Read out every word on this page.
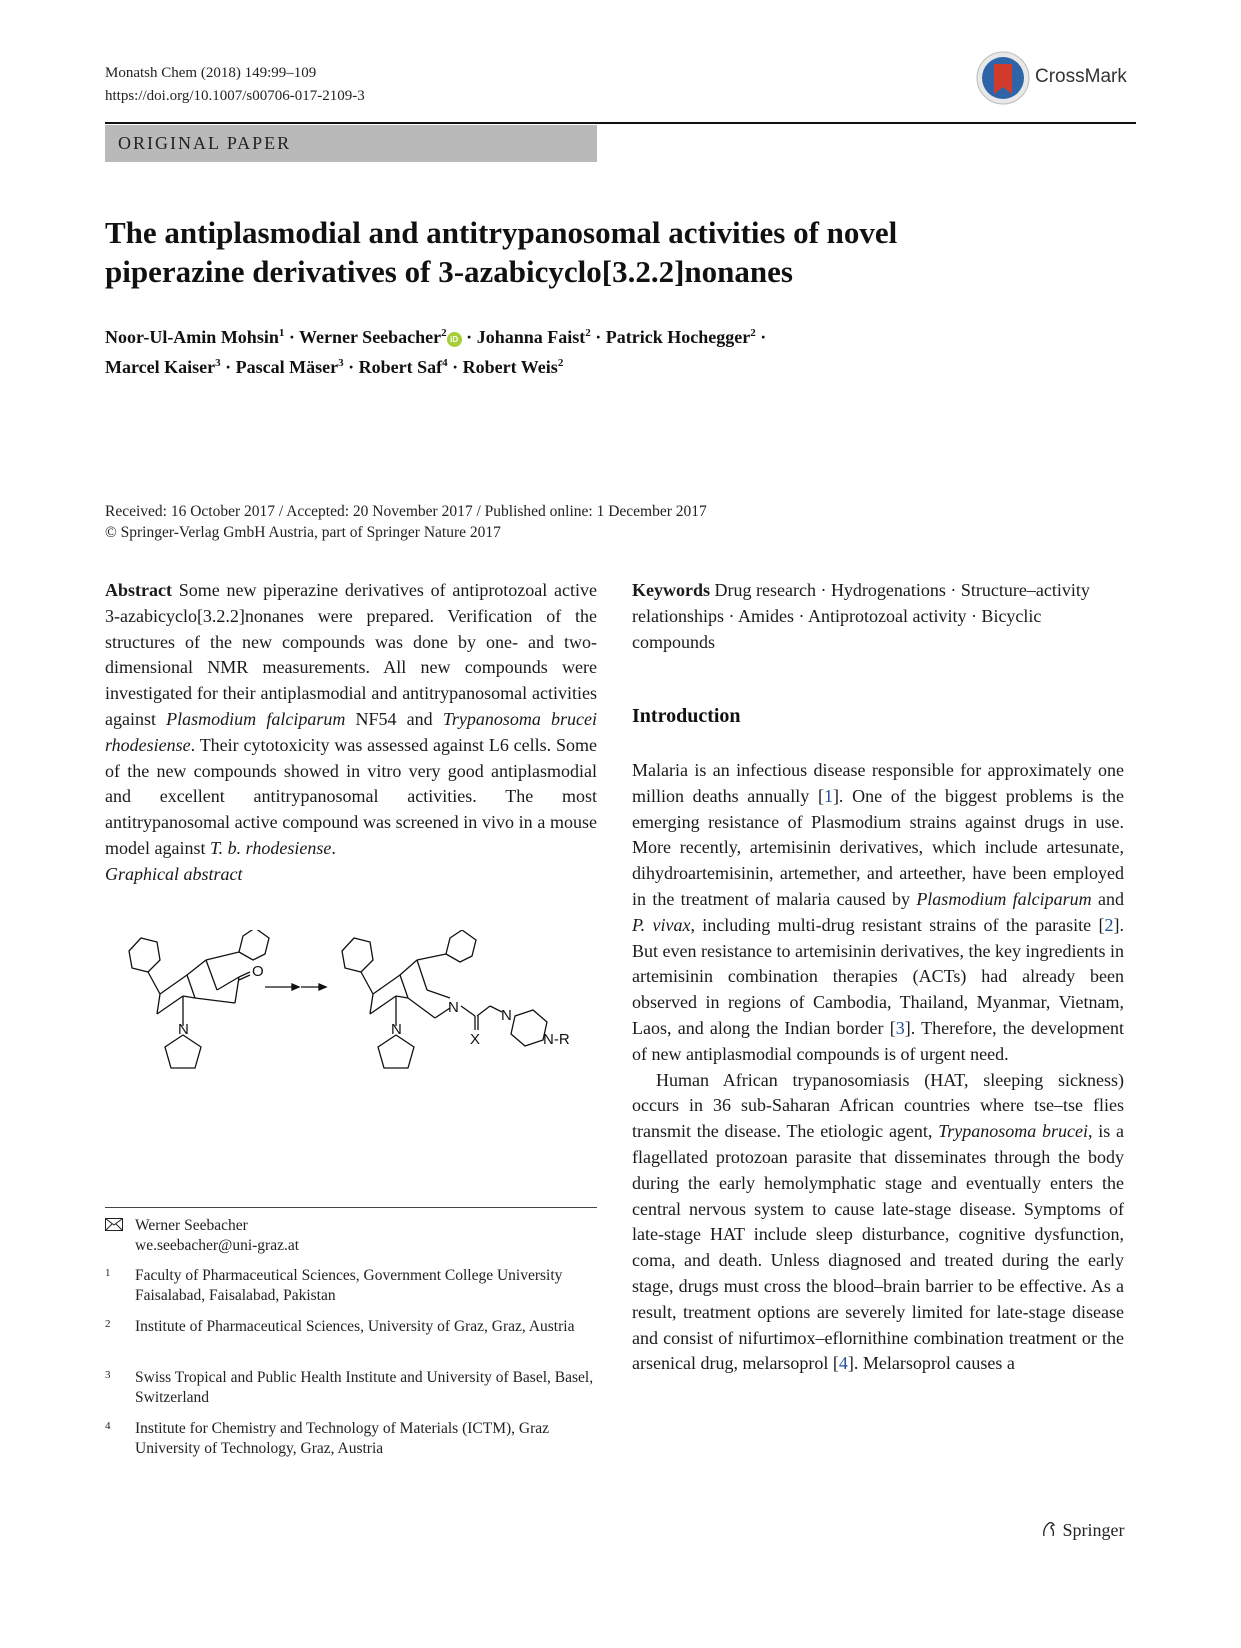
Monatsh Chem (2018) 149:99–109
https://doi.org/10.1007/s00706-017-2109-3
CrossMark
ORIGINAL PAPER
The antiplasmodial and antitrypanosomal activities of novel
piperazine derivatives of 3-azabicyclo[3.2.2]nonanes
Noor-Ul-Amin Mohsin$^1$ · Werner Seebacher$^2$iD · Johanna Faist$^2$ · Patrick Hochegger$^2$ ·
Marcel Kaiser$^3$ · Pascal Mäser$^3$ · Robert Saf$^4$ · Robert Weis$^2$
Received: 16 October 2017 / Accepted: 20 November 2017 / Published online: 1 December 2017
© Springer-Verlag GmbH Austria, part of Springer Nature 2017

Abstract Some new piperazine derivatives of antiprotozoal active 3-azabicyclo[3.2.2]nonanes were prepared. Verification of the structures of the new compounds was done by one- and two-dimensional NMR measurements. All new compounds were investigated for their antiplasmodial and antitrypanosomal activities against Plasmodium falciparum NF54 and Trypanosoma brucei rhodesiense. Their cytotoxicity was assessed against L6 cells. Some of the new compounds showed in vitro very good antiplasmodial and excellent antitrypanosomal activities. The most antitrypanosomal active compound was screened in vivo in a mouse model against T. b. rhodesiense.

Graphical abstract

O
N
N
N
X
N
N-R
Werner Seebacher
we.seebacher@uni-graz.at
1 Faculty of Pharmaceutical Sciences, Government College University Faisalabad, Faisalabad, Pakistan
2 Institute of Pharmaceutical Sciences, University of Graz, Graz, Austria
3 Swiss Tropical and Public Health Institute and University of Basel, Basel, Switzerland
4 Institute for Chemistry and Technology of Materials (ICTM), Graz University of Technology, Graz, Austria

Keywords Drug research · Hydrogenations · Structure–activity relationships · Amides · Antiprotozoal activity · Bicyclic compounds

Introduction

Malaria is an infectious disease responsible for approximately one million deaths annually [1]. One of the biggest problems is the emerging resistance of Plasmodium strains against drugs in use. More recently, artemisinin derivatives, which include artesunate, dihydroartemisinin, artemether, and arteether, have been employed in the treatment of malaria caused by Plasmodium falciparum and P. vivax, including multi-drug resistant strains of the parasite [2]. But even resistance to artemisinin derivatives, the key ingredients in artemisinin combination therapies (ACTs) had already been observed in regions of Cambodia, Thailand, Myanmar, Vietnam, Laos, and along the Indian border [3]. Therefore, the development of new antiplasmodial compounds is of urgent need.

Human African trypanosomiasis (HAT, sleeping sickness) occurs in 36 sub-Saharan African countries where tse–tse flies transmit the disease. The etiologic agent, Trypanosoma brucei, is a flagellated protozoan parasite that disseminates through the body during the early hemolymphatic stage and eventually enters the central nervous system to cause late-stage disease. Symptoms of late-stage HAT include sleep disturbance, cognitive dysfunction, coma, and death. Unless diagnosed and treated during the early stage, drugs must cross the blood–brain barrier to be effective. As a result, treatment options are severely limited for late-stage disease and consist of nifurtimox–eflornithine combination treatment or the arsenical drug, melarsoprol [4]. Melarsoprol causes a

Springer
